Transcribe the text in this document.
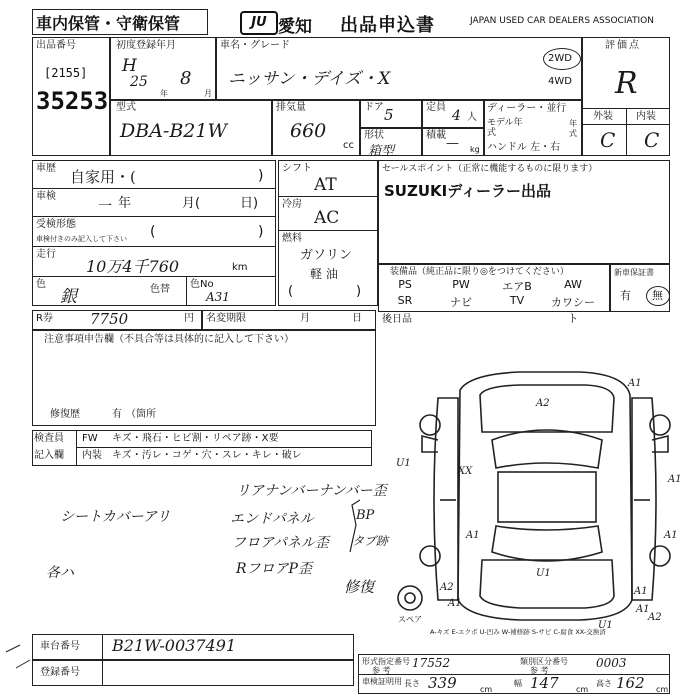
車内保管・守衛保管	JU 愛知 出品申込書	JAPAN USED CAR DEALERS ASSOCIATION
出品番号
[2155]
35253
初度登録年月
H
25
年
8
月
車名・グレード
ニッサン・デイズ・X
2WD
4WD
評価点
R
型式
DBA-B21W
排気量
660
cc
ドア 5	定員
4 人
形状
箱型
積載
— kg
ディーラー・並行
モデル年式
年
式
ハンドル 左・右
外装 内装
C C
車歴 自家用・(	)
車検
一 年	月(	日)
受検形態
車検付きのみ記入して下さい (	)
走行
10万4千760	km
色
銀	色替 色No
A31
シフト
AT
冷房
AC
燃料
ガソリン
軽 油
(	)
セールスポイント（正常に機能するものに限ります）
SUZUKIディーラー出品
装備品（純正品に限り◎をつけてください）
PS	PW	エアB	AW
SR	ナビ	TV	カワシート
新車保証書
有 無
R券 7750	円 名変期限	月	日 後日品
注意事項申告欄（不具合等は具体的に記入して下さい）
修復歴	有 （箇所
検査員
記入欄
FW キズ・飛石・ヒビ割・リペア跡・X要
内装 キズ・汚レ・コゲ・穴・スレ・キレ・破レ
リアナンバーナンバー歪
シートカバーアリ	エンドパネル	BP
フロアパネル歪 タブ跡
RフロアP歪
各ハ
修復
A1
A2
U1
XX
A1
A1	A1
U1
A2	A1
A1
U1
A2
A1
スペア
A-キズ E-エクボ U-凹み W-補修跡 S-サビ C-腐食 XX-交換済
車台番号 B21W-0037491
登録番号
形式指定番号
参 考
17552	類別区分番号
参 考
0003
車検証明用 長さ 339	cm
幅 147 cm
高さ 162 cm
